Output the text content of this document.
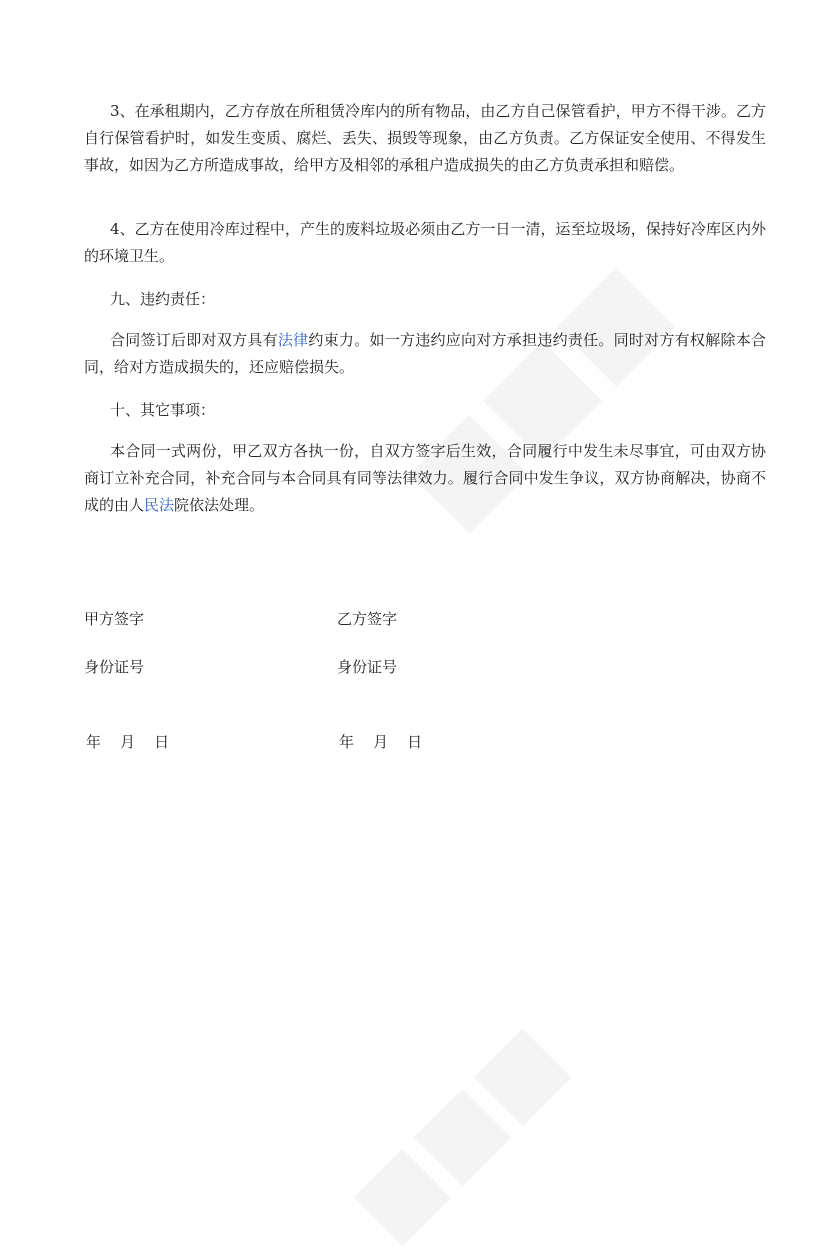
3、在承租期内，乙方存放在所租赁冷库内的所有物品，由乙方自己保管看护，甲方不得干涉。乙方自行保管看护时，如发生变质、腐烂、丢失、损毁等现象，由乙方负责。乙方保证安全使用、不得发生事故，如因为乙方所造成事故，给甲方及相邻的承租户造成损失的由乙方负责承担和赔偿。

4、乙方在使用冷库过程中，产生的废料垃圾必须由乙方一日一清，运至垃圾场，保持好冷库区内外的环境卫生。

九、违约责任：

合同签订后即对双方具有法律约束力。如一方违约应向对方承担违约责任。同时对方有权解除本合同，给对方造成损失的，还应赔偿损失。

十、其它事项：

本合同一式两份，甲乙双方各执一份，自双方签字后生效，合同履行中发生未尽事宜，可由双方协商订立补充合同，补充合同与本合同具有同等法律效力。履行合同中发生争议，双方协商解决，协商不成的由人民法院依法处理。

甲方签字	乙方签字
身份证号	身份证号
年    月    日	年    月    日
